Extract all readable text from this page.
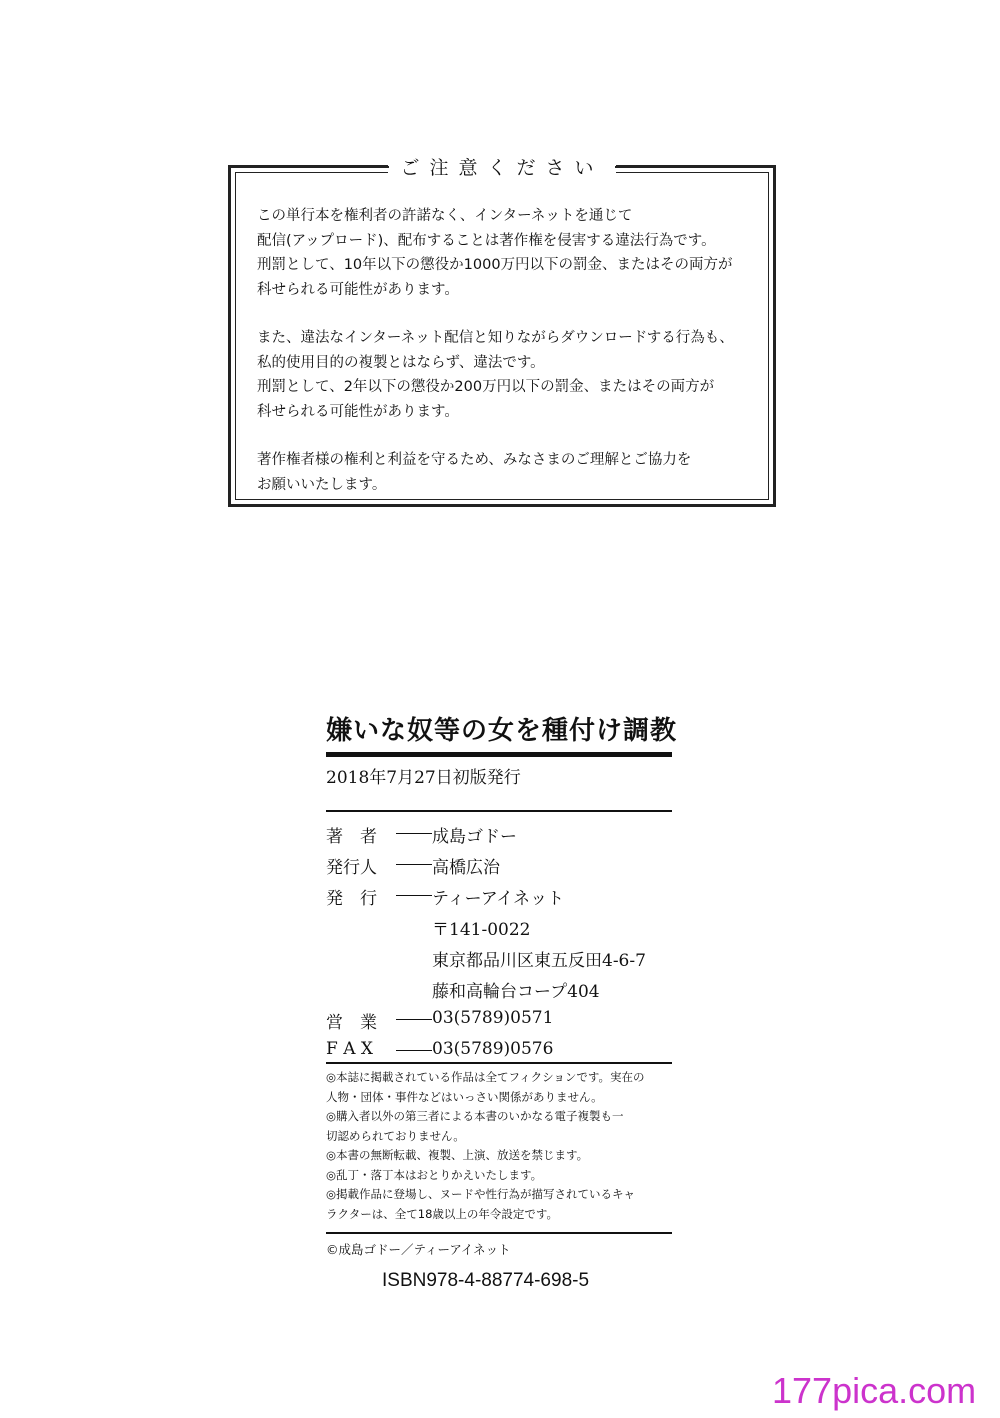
ご注意ください

この単行本を権利者の許諾なく、インターネットを通じて
配信(アップロード)、配布することは著作権を侵害する違法行為です。
刑罰として、10年以下の懲役か1000万円以下の罰金、またはその両方が
科せられる可能性があります。

また、違法なインターネット配信と知りながらダウンロードする行為も、
私的使用目的の複製とはならず、違法です。
刑罰として、2年以下の懲役か200万円以下の罰金、またはその両方が
科せられる可能性があります。

著作権者様の権利と利益を守るため、みなさまのご理解とご協力を
お願いいたします。

嫌いな奴等の女を種付け調教
2018年7月27日初版発行
著　者	成島ゴドー
発行人	高橋広治
発　行	ティーアイネット
〒141-0022
東京都品川区東五反田4-6-7
藤和高輪台コープ404
営　業	03(5789)0571
F A X	03(5789)0576
◎本誌に掲載されている作品は全てフィクションです。実在の
人物・団体・事件などはいっさい関係がありません。
◎購入者以外の第三者による本書のいかなる電子複製も一
切認められておりません。
◎本書の無断転載、複製、上演、放送を禁じます。
◎乱丁・落丁本はおとりかえいたします。
◎掲載作品に登場し、ヌードや性行為が描写されているキャ
ラクターは、全て18歳以上の年令設定です。
©成島ゴドー／ティーアイネット
ISBN978-4-88774-698-5
177pica.com
